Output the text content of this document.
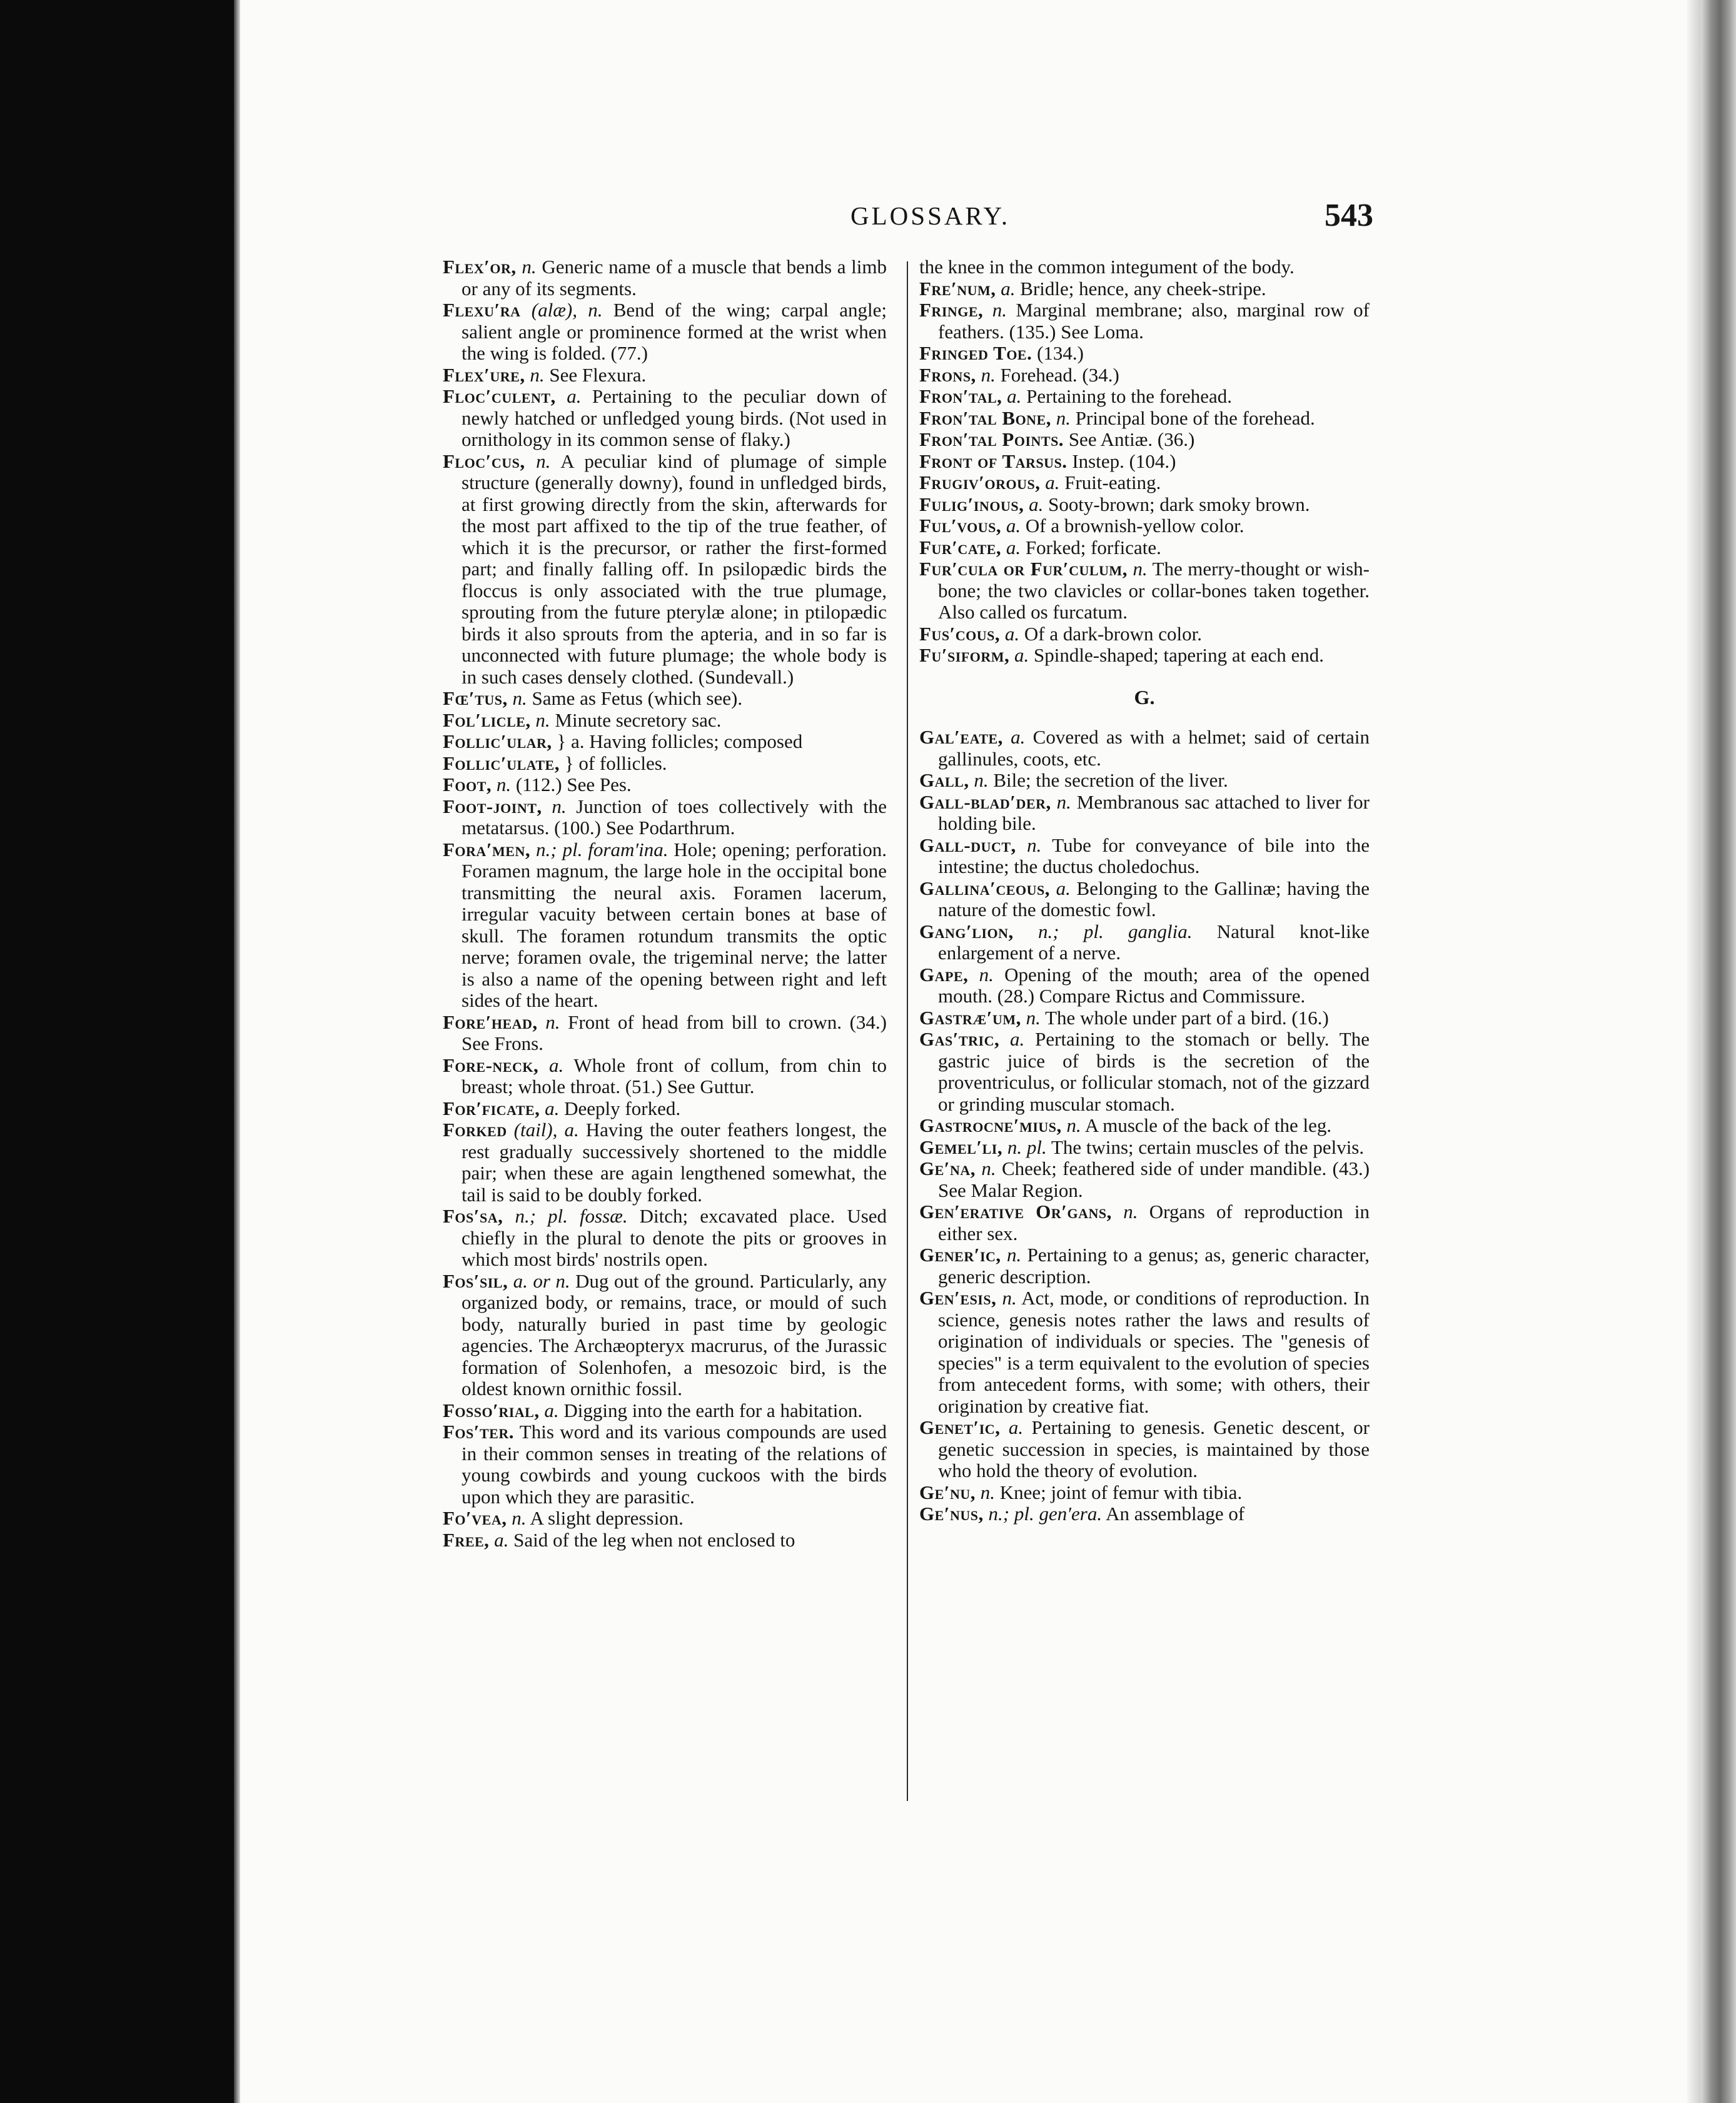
GLOSSARY.	543

Flex′or, n. Generic name of a muscle that bends a limb or any of its segments.

Flexu′ra (alæ), n. Bend of the wing; carpal angle; salient angle or prominence formed at the wrist when the wing is folded. (77.)

Flex′ure, n. See Flexura.

Floc′culent, a. Pertaining to the peculiar down of newly hatched or unfledged young birds. (Not used in ornithology in its common sense of flaky.)

Floc′cus, n. A peculiar kind of plumage of simple structure (generally downy), found in unfledged birds, at first growing directly from the skin, afterwards for the most part affixed to the tip of the true feather, of which it is the precursor, or rather the first-formed part; and finally falling off. In psilopædic birds the floccus is only associated with the true plumage, sprouting from the future pterylæ alone; in ptilopædic birds it also sprouts from the apteria, and in so far is unconnected with future plumage; the whole body is in such cases densely clothed. (Sundevall.)

Fœ′tus, n. Same as Fetus (which see).

Fol′licle, n. Minute secretory sac.

Follic′ular, } a. Having follicles; composed

Follic′ulate, } of follicles.

Foot, n. (112.) See Pes.

Foot-joint, n. Junction of toes collectively with the metatarsus. (100.) See Podarthrum.

Fora′men, n.; pl. foram′ina. Hole; opening; perforation. Foramen magnum, the large hole in the occipital bone transmitting the neural axis. Foramen lacerum, irregular vacuity between certain bones at base of skull. The foramen rotundum transmits the optic nerve; foramen ovale, the trigeminal nerve; the latter is also a name of the opening between right and left sides of the heart.

Fore′head, n. Front of head from bill to crown. (34.) See Frons.

Fore-neck, a. Whole front of collum, from chin to breast; whole throat. (51.) See Guttur.

For′ficate, a. Deeply forked.

Forked (tail), a. Having the outer feathers longest, the rest gradually successively shortened to the middle pair; when these are again lengthened somewhat, the tail is said to be doubly forked.

Fos′sa, n.; pl. fossæ. Ditch; excavated place. Used chiefly in the plural to denote the pits or grooves in which most birds' nostrils open.

Fos′sil, a. or n. Dug out of the ground. Particularly, any organized body, or remains, trace, or mould of such body, naturally buried in past time by geologic agencies. The Archæopteryx macrurus, of the Jurassic formation of Solenhofen, a mesozoic bird, is the oldest known ornithic fossil.

Fosso′rial, a. Digging into the earth for a habitation.

Fos′ter. This word and its various compounds are used in their common senses in treating of the relations of young cowbirds and young cuckoos with the birds upon which they are parasitic.

Fo′vea, n. A slight depression.

Free, a. Said of the leg when not enclosed to

the knee in the common integument of the body.

Fre′num, a. Bridle; hence, any cheek-stripe.

Fringe, n. Marginal membrane; also, marginal row of feathers. (135.) See Loma.

Fringed Toe. (134.)

Frons, n. Forehead. (34.)

Fron′tal, a. Pertaining to the forehead.

Fron′tal Bone, n. Principal bone of the forehead.

Fron′tal Points. See Antiæ. (36.)

Front of Tarsus. Instep. (104.)

Frugiv′orous, a. Fruit-eating.

Fulig′inous, a. Sooty-brown; dark smoky brown.

Ful′vous, a. Of a brownish-yellow color.

Fur′cate, a. Forked; forficate.

Fur′cula or Fur′culum, n. The merry-thought or wish-bone; the two clavicles or collar-bones taken together. Also called os furcatum.

Fus′cous, a. Of a dark-brown color.

Fu′siform, a. Spindle-shaped; tapering at each end.

G.

Gal′eate, a. Covered as with a helmet; said of certain gallinules, coots, etc.

Gall, n. Bile; the secretion of the liver.

Gall-blad′der, n. Membranous sac attached to liver for holding bile.

Gall-duct, n. Tube for conveyance of bile into the intestine; the ductus choledochus.

Gallina′ceous, a. Belonging to the Gallinæ; having the nature of the domestic fowl.

Gang′lion, n.; pl. ganglia. Natural knot-like enlargement of a nerve.

Gape, n. Opening of the mouth; area of the opened mouth. (28.) Compare Rictus and Commissure.

Gastræ′um, n. The whole under part of a bird. (16.)

Gas′tric, a. Pertaining to the stomach or belly. The gastric juice of birds is the secretion of the proventriculus, or follicular stomach, not of the gizzard or grinding muscular stomach.

Gastrocne′mius, n. A muscle of the back of the leg.

Gemel′li, n. pl. The twins; certain muscles of the pelvis.

Ge′na, n. Cheek; feathered side of under mandible. (43.) See Malar Region.

Gen′erative Or′gans, n. Organs of reproduction in either sex.

Gener′ic, n. Pertaining to a genus; as, generic character, generic description.

Gen′esis, n. Act, mode, or conditions of reproduction. In science, genesis notes rather the laws and results of origination of individuals or species. The "genesis of species" is a term equivalent to the evolution of species from antecedent forms, with some; with others, their origination by creative fiat.

Genet′ic, a. Pertaining to genesis. Genetic descent, or genetic succession in species, is maintained by those who hold the theory of evolution.

Ge′nu, n. Knee; joint of femur with tibia.

Ge′nus, n.; pl. gen′era. An assemblage of
